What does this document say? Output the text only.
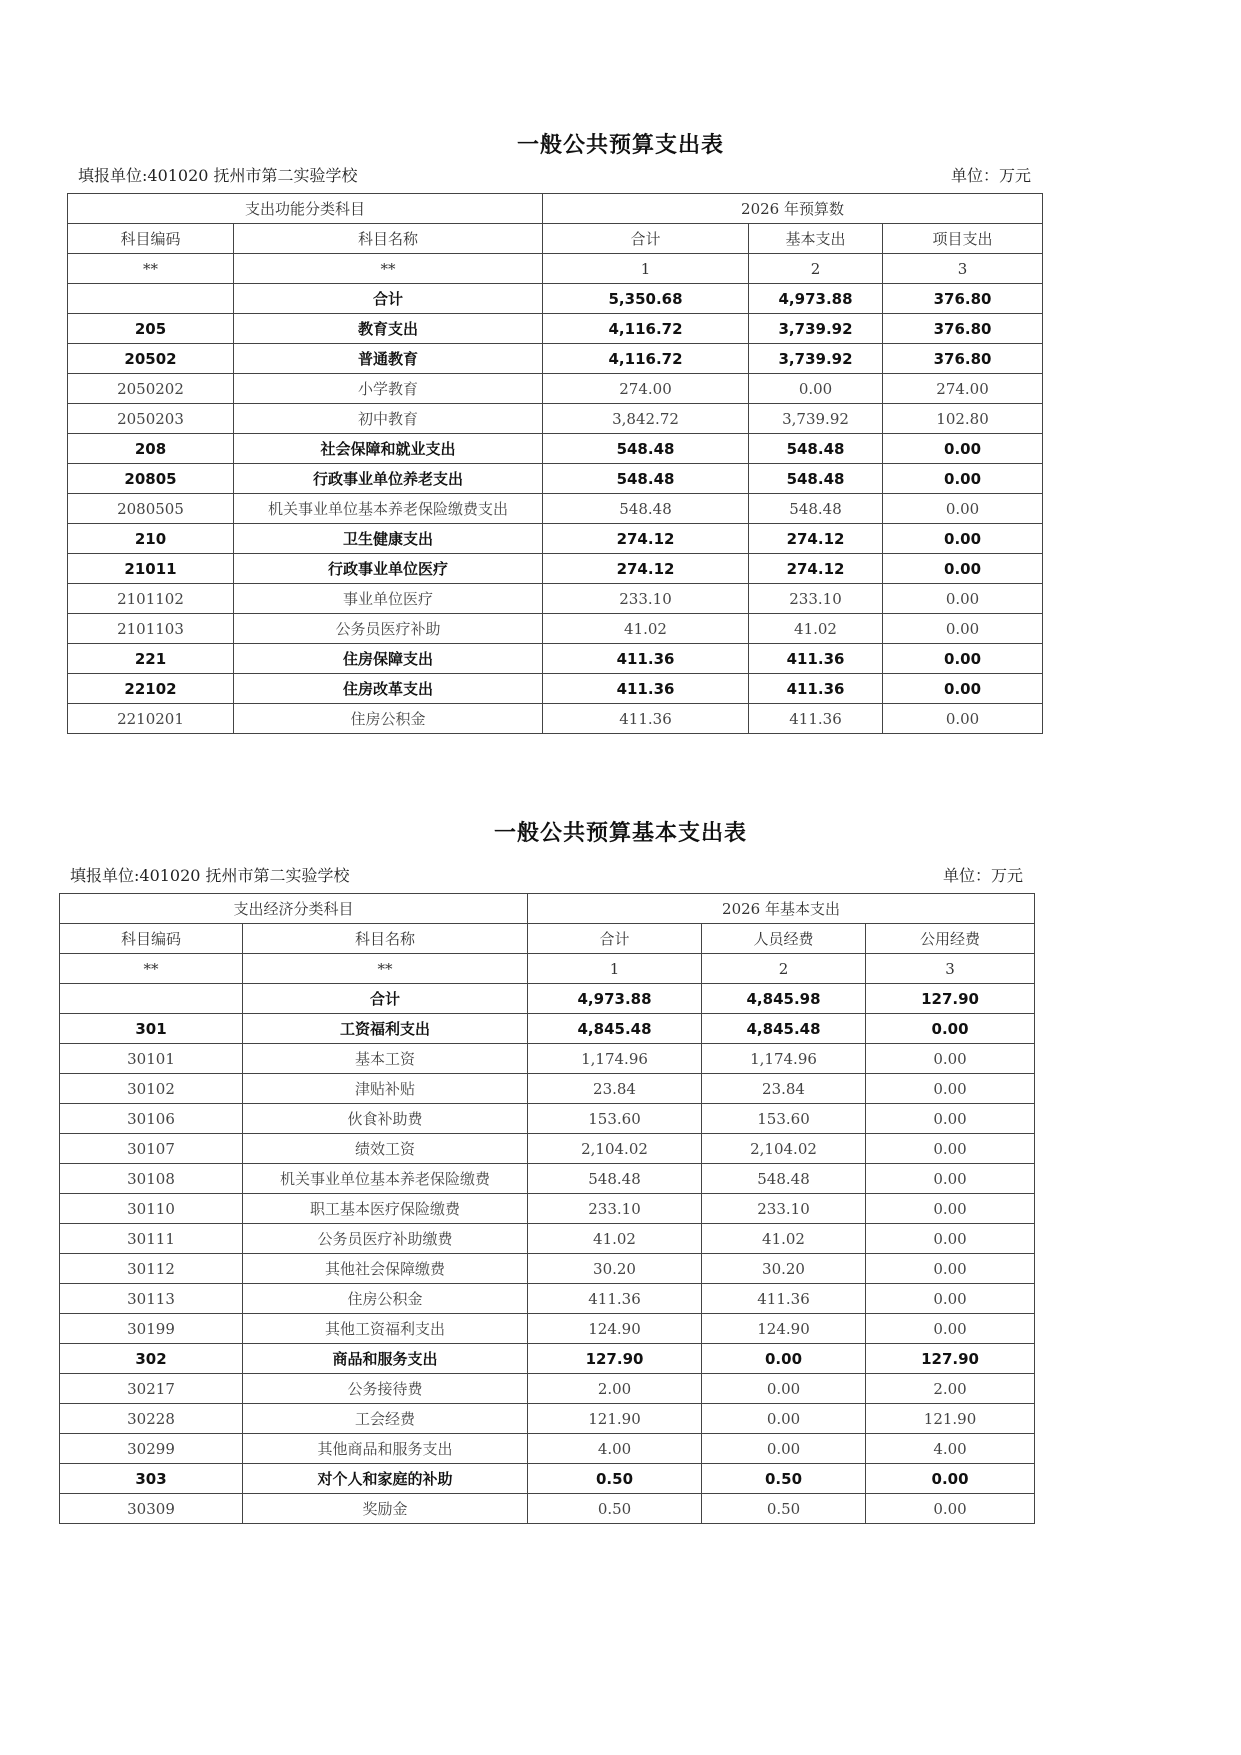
一般公共预算支出表
填报单位:401020 抚州市第二实验学校	单位：万元
支出功能分类科目		2026 年预算数		
科目编码	科目名称	合计	基本支出	项目支出
**	**	1	2	3
	合计	5,350.68	4,973.88	376.80
205	教育支出	4,116.72	3,739.92	376.80
20502	普通教育	4,116.72	3,739.92	376.80
2050202	小学教育	274.00	0.00	274.00
2050203	初中教育	3,842.72	3,739.92	102.80
208	社会保障和就业支出	548.48	548.48	0.00
20805	行政事业单位养老支出	548.48	548.48	0.00
2080505	机关事业单位基本养老保险缴费支出	548.48	548.48	0.00
210	卫生健康支出	274.12	274.12	0.00
21011	行政事业单位医疗	274.12	274.12	0.00
2101102	事业单位医疗	233.10	233.10	0.00
2101103	公务员医疗补助	41.02	41.02	0.00
221	住房保障支出	411.36	411.36	0.00
22102	住房改革支出	411.36	411.36	0.00
2210201	住房公积金	411.36	411.36	0.00
一般公共预算基本支出表
填报单位:401020 抚州市第二实验学校	单位：万元
支出经济分类科目		2026 年基本支出		
科目编码	科目名称	合计	人员经费	公用经费
**	**	1	2	3
	合计	4,973.88	4,845.98	127.90
301	工资福利支出	4,845.48	4,845.48	0.00
30101	基本工资	1,174.96	1,174.96	0.00
30102	津贴补贴	23.84	23.84	0.00
30106	伙食补助费	153.60	153.60	0.00
30107	绩效工资	2,104.02	2,104.02	0.00
30108	机关事业单位基本养老保险缴费	548.48	548.48	0.00
30110	职工基本医疗保险缴费	233.10	233.10	0.00
30111	公务员医疗补助缴费	41.02	41.02	0.00
30112	其他社会保障缴费	30.20	30.20	0.00
30113	住房公积金	411.36	411.36	0.00
30199	其他工资福利支出	124.90	124.90	0.00
302	商品和服务支出	127.90	0.00	127.90
30217	公务接待费	2.00	0.00	2.00
30228	工会经费	121.90	0.00	121.90
30299	其他商品和服务支出	4.00	0.00	4.00
303	对个人和家庭的补助	0.50	0.50	0.00
30309	奖励金	0.50	0.50	0.00
